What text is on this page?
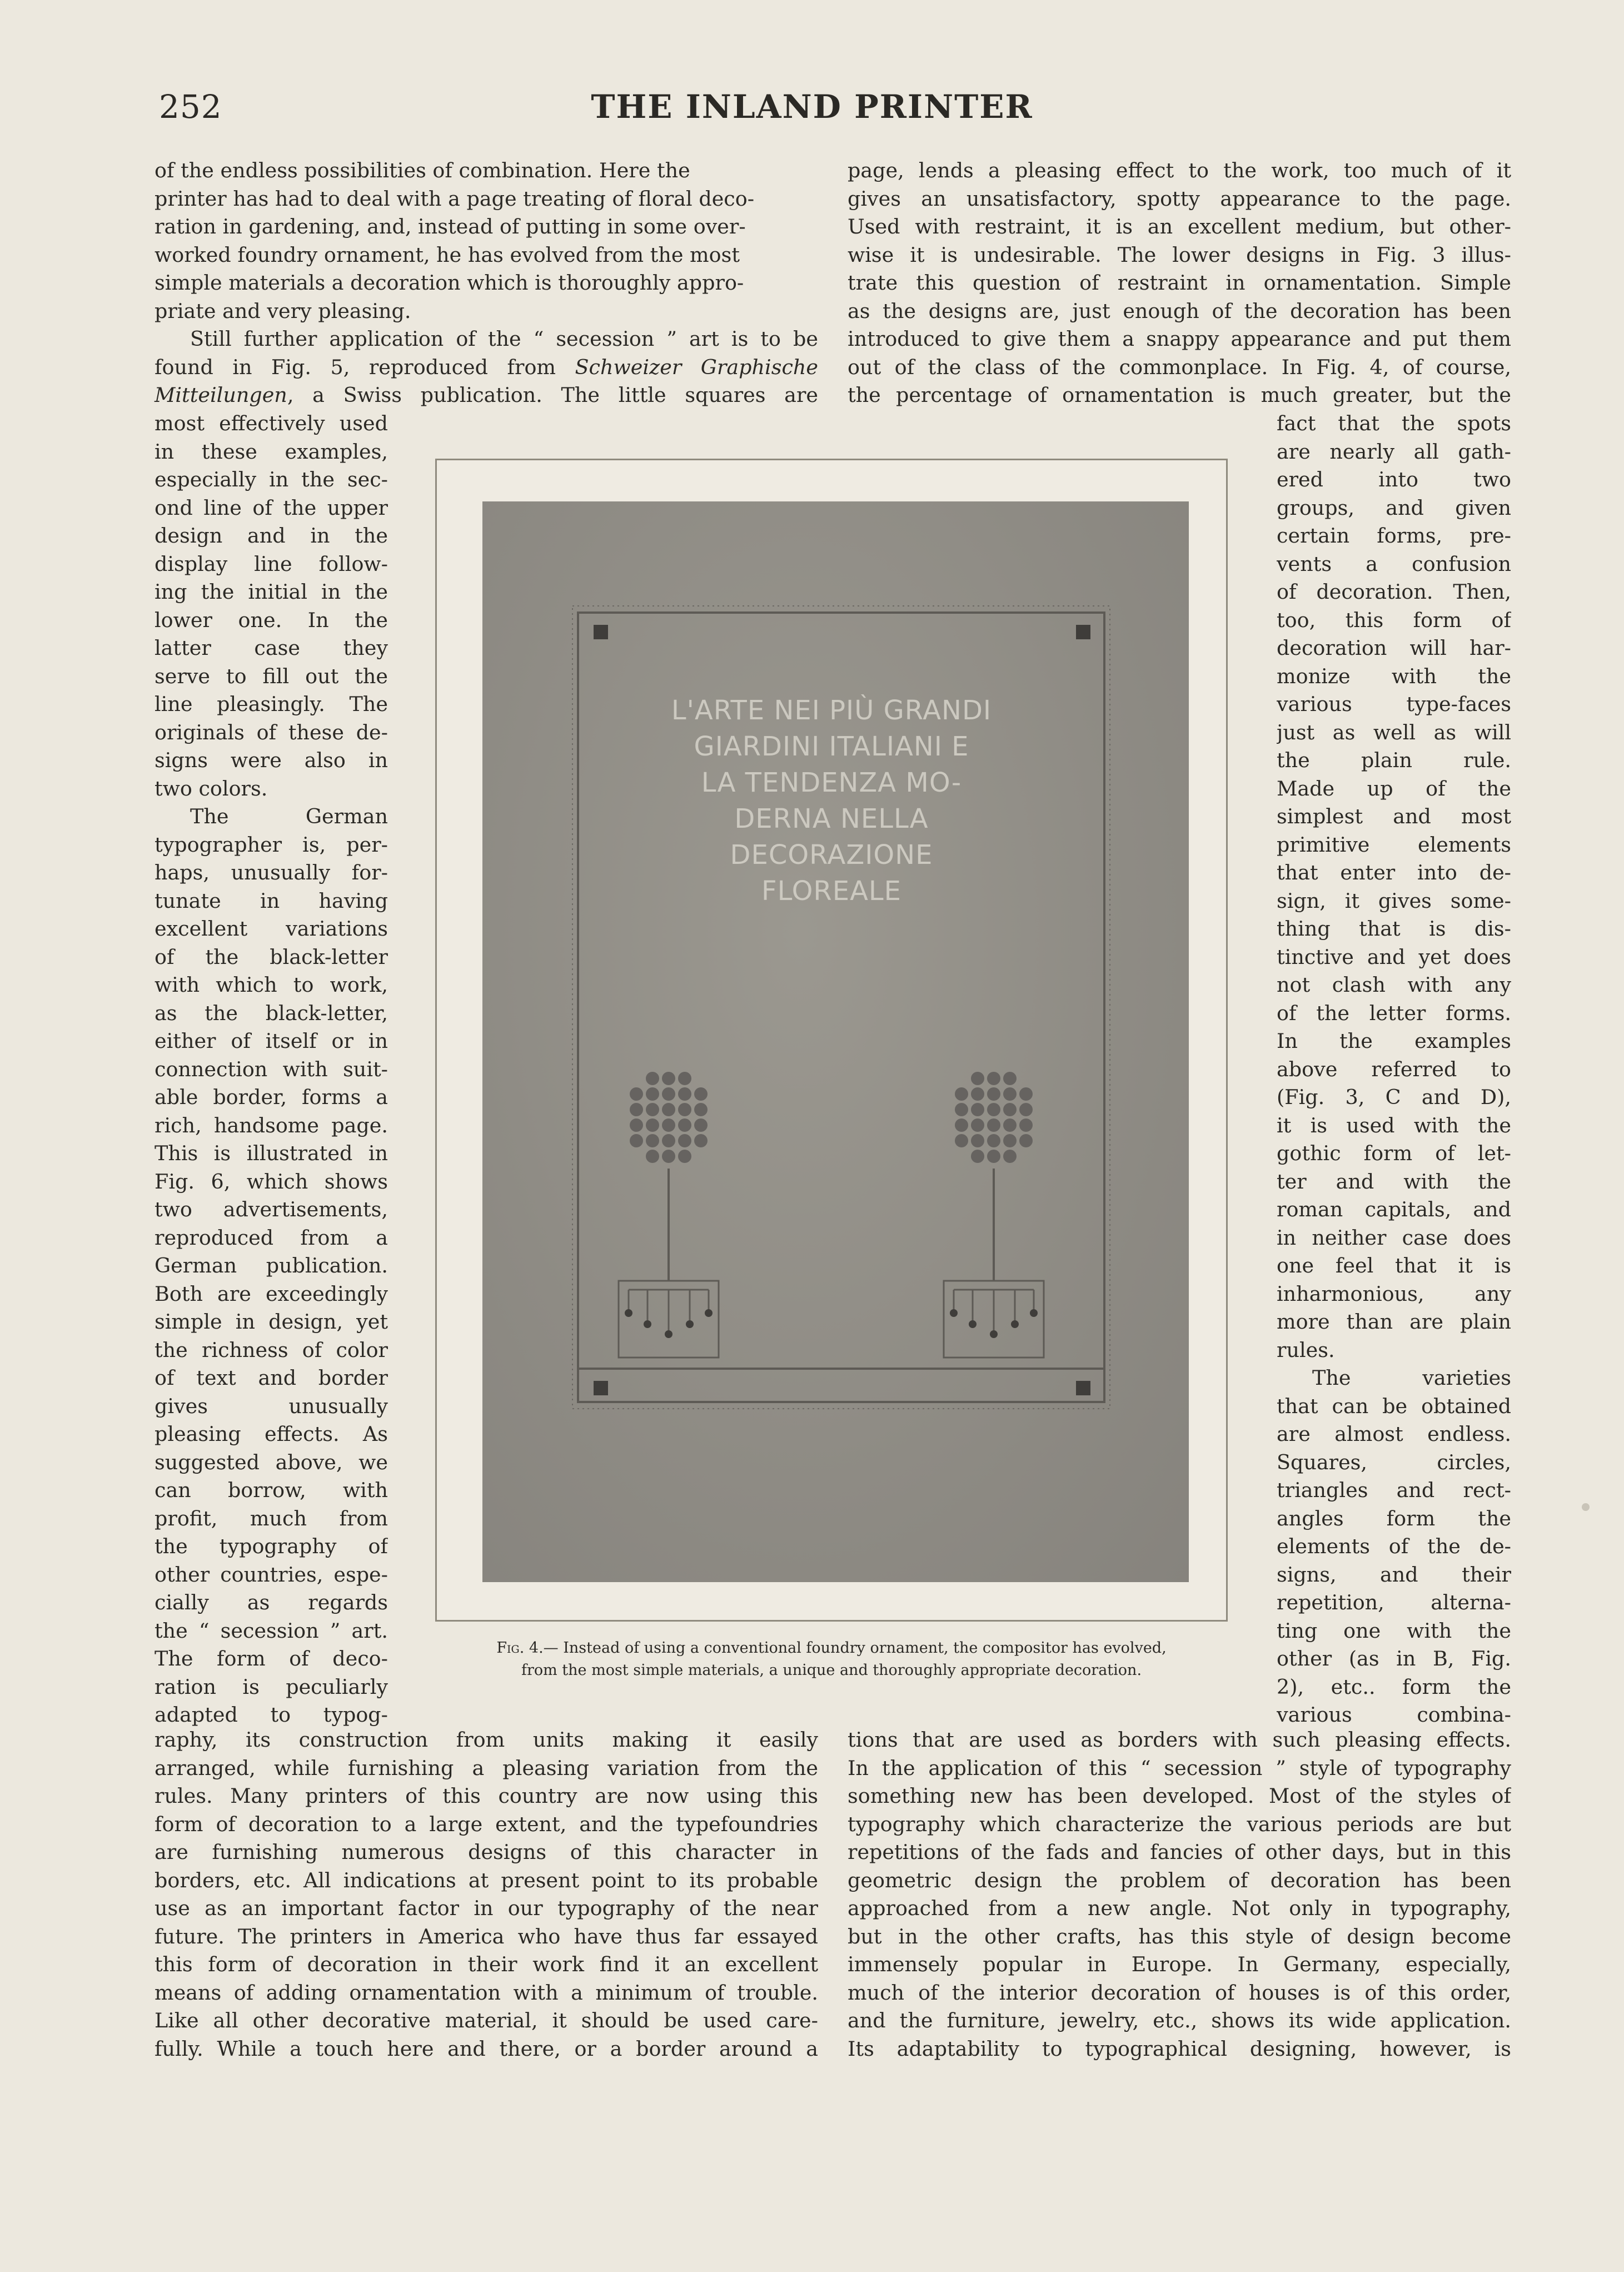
252	THE INLAND PRINTER

of the endless possibilities of combination. Here the
printer has had to deal with a page treating of floral deco-
ration in gardening, and, instead of putting in some over-
worked foundry ornament, he has evolved from the most
simple materials a decoration which is thoroughly appro-
priate and very pleasing.

Still further application of the “ secession ” art is to be
found in Fig. 5, reproduced from Schweizer Graphische
Mitteilungen, a Swiss publication. The little squares are

most effectively used
in these examples,
especially in the sec-
ond line of the upper
design and in the
display line follow-
ing the initial in the
lower one. In the
latter case they
serve to fill out the
line pleasingly. The
originals of these de-
signs were also in
two colors.
The German
typographer is, per-
haps, unusually for-
tunate in having
excellent variations
of the black-letter
with which to work,
as the black-letter,
either of itself or in
connection with suit-
able border, forms a
rich, handsome page.
This is illustrated in
Fig. 6, which shows
two advertisements,
reproduced from a
German publication.
Both are exceedingly
simple in design, yet
the richness of color
of text and border
gives unusually
pleasing effects. As
suggested above, we
can borrow, with
profit, much from
the typography of
other countries, espe-
cially as regards
the “ secession ” art.
The form of deco-
ration is peculiarly
adapted to typog-
raphy, its construction from units making it easily
arranged, while furnishing a pleasing variation from the
rules. Many printers of this country are now using this
form of decoration to a large extent, and the typefoundries
are furnishing numerous designs of this character in
borders, etc. All indications at present point to its probable
use as an important factor in our typography of the near
future. The printers in America who have thus far essayed
this form of decoration in their work find it an excellent
means of adding ornamentation with a minimum of trouble.
Like all other decorative material, it should be used care-
fully. While a touch here and there, or a border around a
page, lends a pleasing effect to the work, too much of it
gives an unsatisfactory, spotty appearance to the page.
Used with restraint, it is an excellent medium, but other-
wise it is undesirable. The lower designs in Fig. 3 illus-
trate this question of restraint in ornamentation. Simple
as the designs are, just enough of the decoration has been
introduced to give them a snappy appearance and put them
out of the class of the commonplace. In Fig. 4, of course,
the percentage of ornamentation is much greater, but the
fact that the spots
are nearly all gath-
ered into two
groups, and given
certain forms, pre-
vents a confusion
of decoration. Then,
too, this form of
decoration will har-
monize with the
various type-faces
just as well as will
the plain rule.
Made up of the
simplest and most
primitive elements
that enter into de-
sign, it gives some-
thing that is dis-
tinctive and yet does
not clash with any
of the letter forms.
In the examples
above referred to
(Fig. 3, C and D),
it is used with the
gothic form of let-
ter and with the
roman capitals, and
in neither case does
one feel that it is
inharmonious, any
more than are plain
rules.
The varieties
that can be obtained
are almost endless.
Squares, circles,
triangles and rect-
angles form the
elements of the de-
signs, and their
repetition, alterna-
ting one with the
other (as in B, Fig.
2), etc.. form the
various combina-
tions that are used as borders with such pleasing effects.
In the application of this “ secession ” style of typography
something new has been developed. Most of the styles of
typography which characterize the various periods are but
repetitions of the fads and fancies of other days, but in this
geometric design the problem of decoration has been
approached from a new angle. Not only in typography,
but in the other crafts, has this style of design become
immensely popular in Europe. In Germany, especially,
much of the interior decoration of houses is of this order,
and the furniture, jewelry, etc., shows its wide application.
Its adaptability to typographical designing, however, is
L'ARTE NEI PIÙ GRANDI
GIARDINI ITALIANI E
LA TENDENZA MO-
DERNA NELLA
DECORAZIONE
FLOREALE

Fig. 4.— Instead of using a conventional foundry ornament, the compositor has evolved,
from the most simple materials, a unique and thoroughly appropriate decoration.
